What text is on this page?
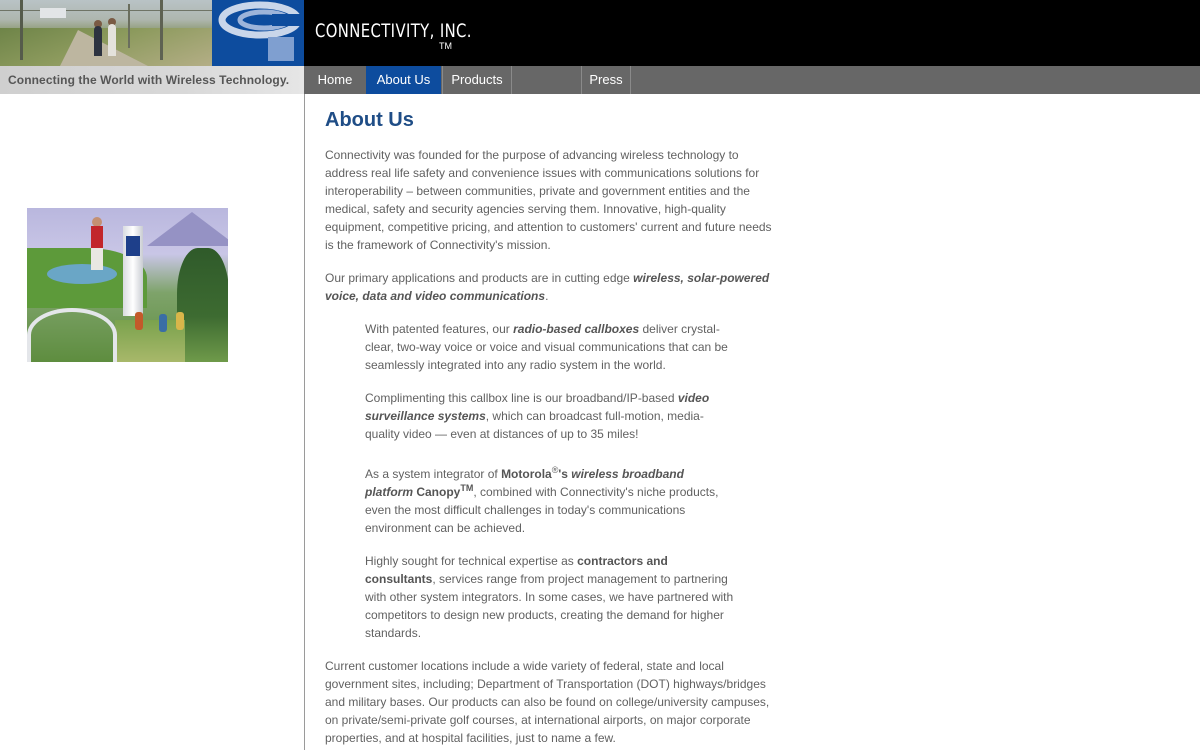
CONNECTIVITY, INC.
TM
Connecting the World with Wireless Technology.	Home	About Us	Products	Press
About Us

Connectivity was founded for the purpose of advancing wireless technology to address real life safety and convenience issues with communications solutions for interoperability – between communities, private and government entities and the medical, safety and security agencies serving them. Innovative, high-quality equipment, competitive pricing, and attention to customers' current and future needs is the framework of Connectivity's mission.

Our primary applications and products are in cutting edge wireless, solar-powered voice, data and video communications.

With patented features, our radio-based callboxes deliver crystal-clear, two-way voice or voice and visual communications that can be seamlessly integrated into any radio system in the world.

Complimenting this callbox line is our broadband/IP-based video surveillance systems, which can broadcast full-motion, media-quality video — even at distances of up to 35 miles!

As a system integrator of Motorola®'s wireless broadband platform Canopy™, combined with Connectivity's niche products, even the most difficult challenges in today's communications environment can be achieved.

Highly sought for technical expertise as contractors and consultants, services range from project management to partnering with other system integrators. In some cases, we have partnered with competitors to design new products, creating the demand for higher standards.

Current customer locations include a wide variety of federal, state and local government sites, including; Department of Transportation (DOT) highways/bridges and military bases. Our products can also be found on college/university campuses, on private/semi-private golf courses, at international airports, on major corporate properties, and at hospital facilities, just to name a few.
